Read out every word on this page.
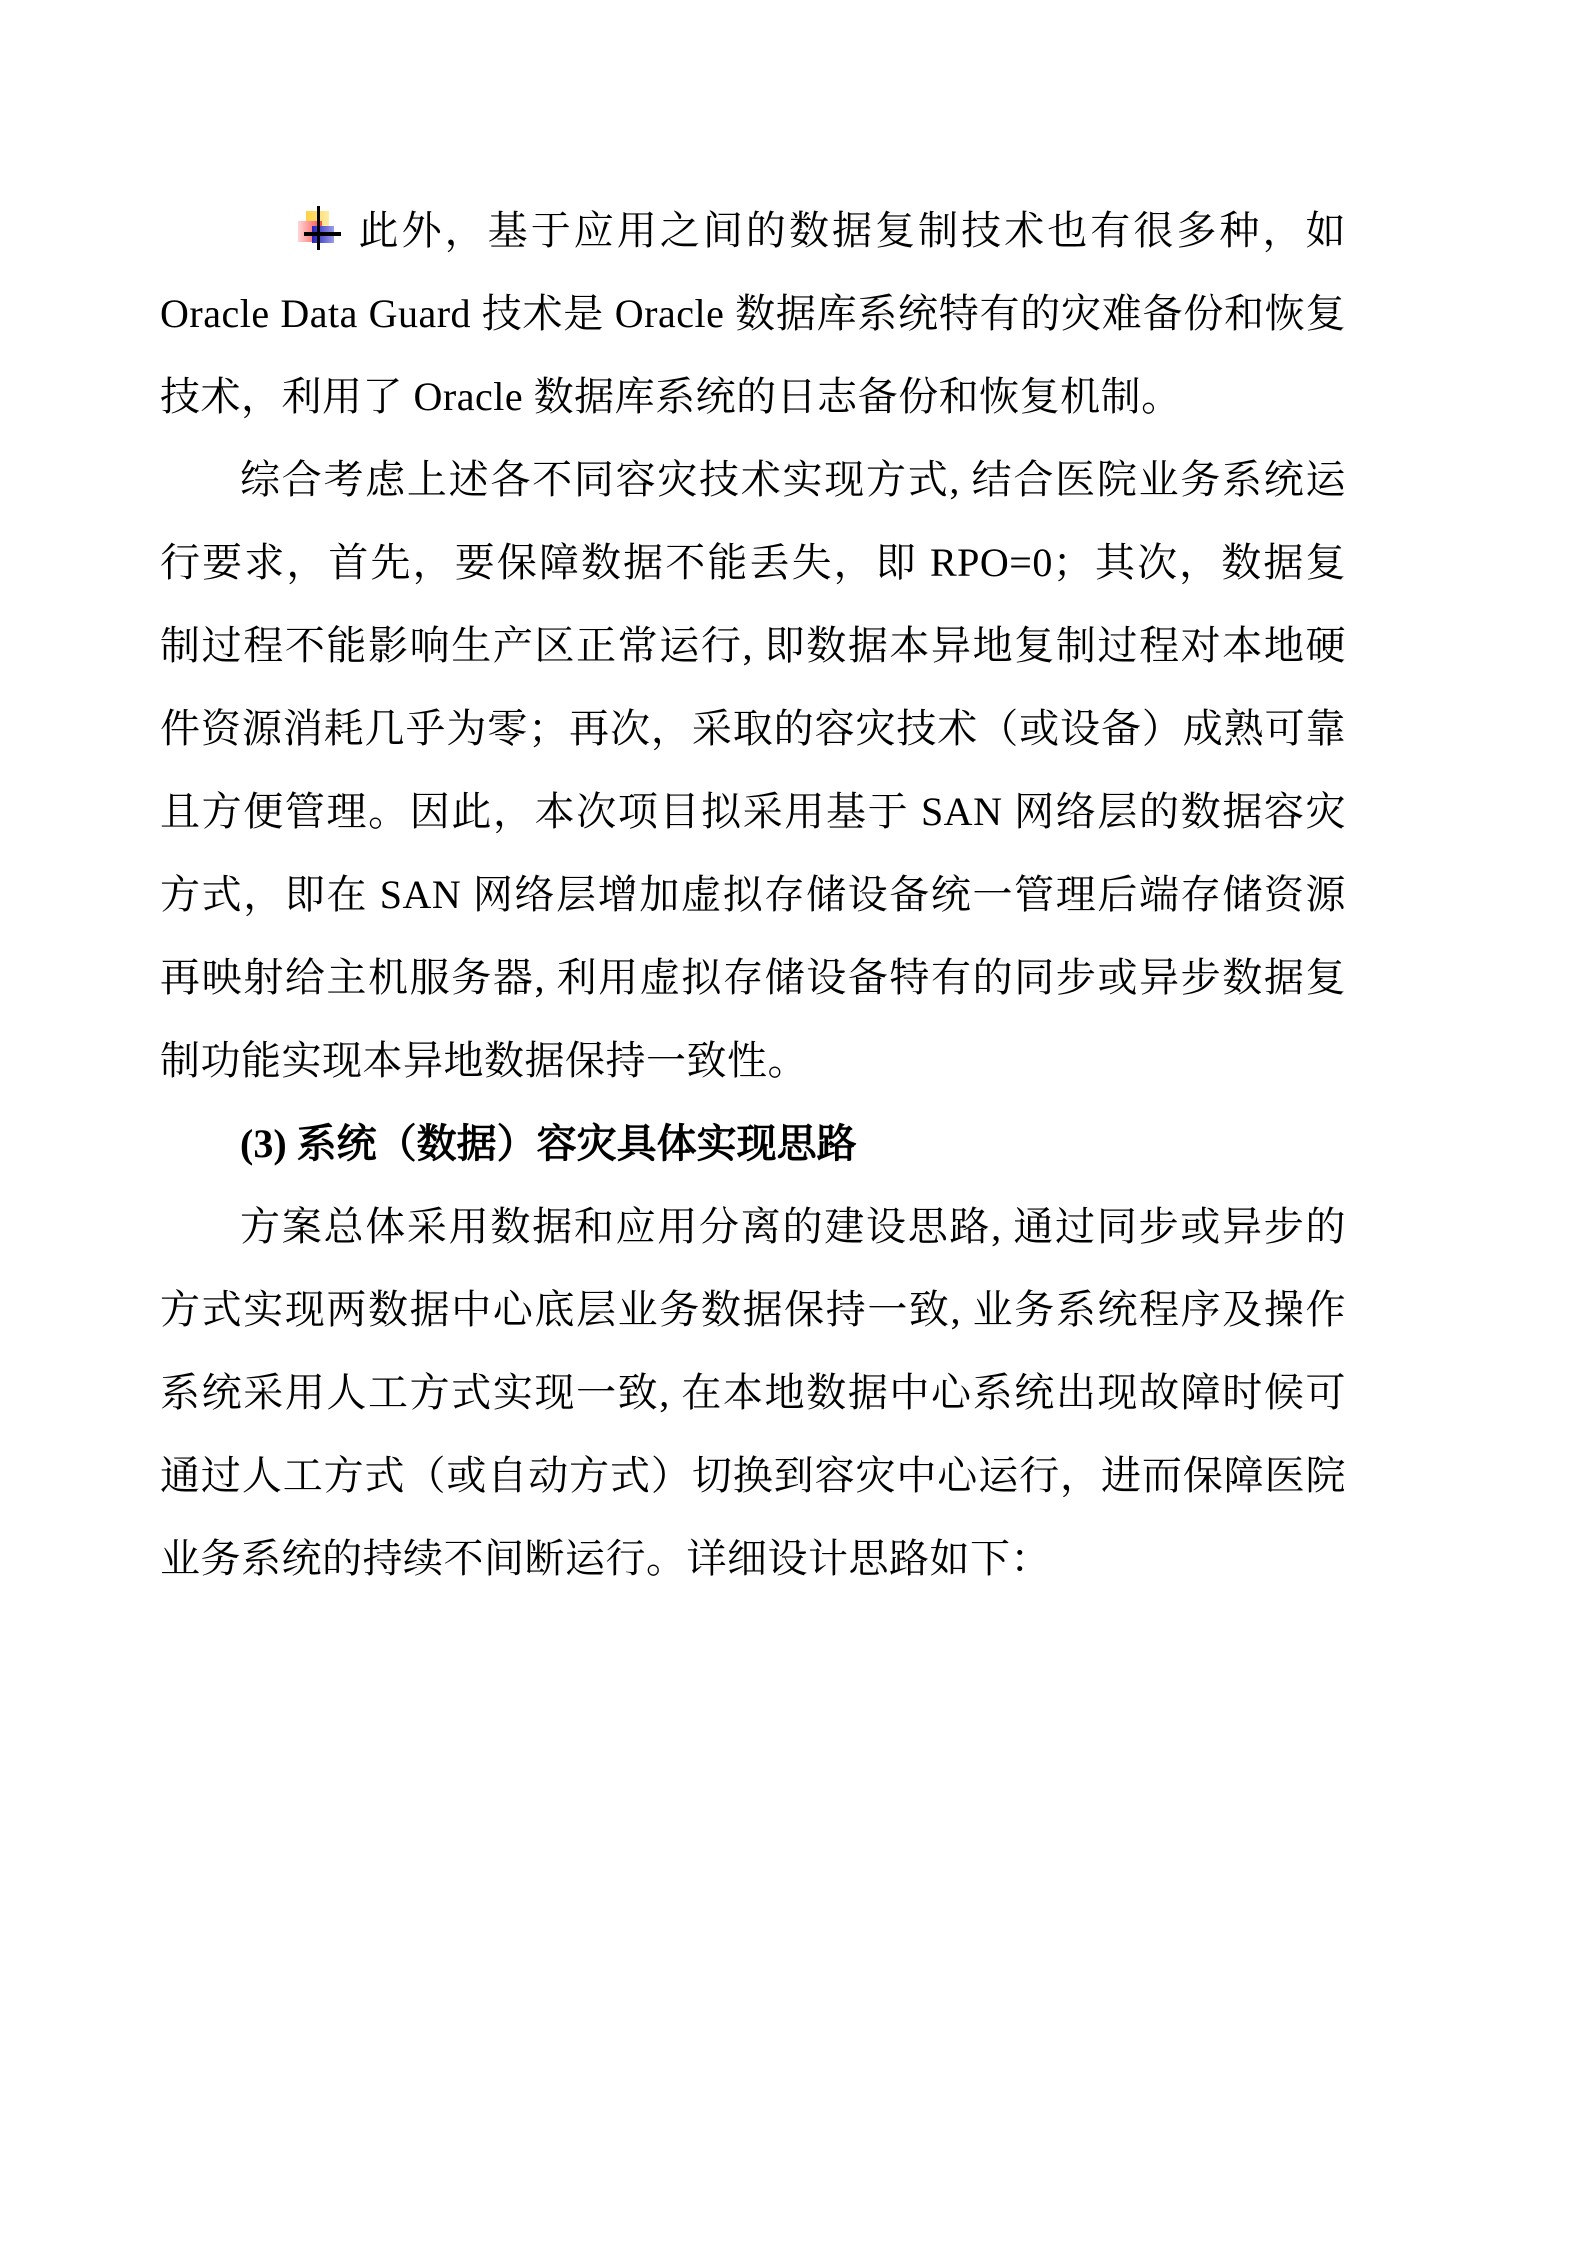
此外，基于应用之间的数据复制技术也有很多种，如 Oracle Data Guard 技术是 Oracle 数据库系统特有的灾难备份和恢复技术，利用了 Oracle 数据库系统的日志备份和恢复机制。

综合考虑上述各不同容灾技术实现方式, 结合医院业务系统运行要求，首先，要保障数据不能丢失，即 RPO=0；其次，数据复制过程不能影响生产区正常运行, 即数据本异地复制过程对本地硬件资源消耗几乎为零；再次，采取的容灾技术（或设备）成熟可靠且方便管理。因此，本次项目拟采用基于 SAN 网络层的数据容灾方式，即在 SAN 网络层增加虚拟存储设备统一管理后端存储资源再映射给主机服务器, 利用虚拟存储设备特有的同步或异步数据复制功能实现本异地数据保持一致性。

(3) 系统（数据）容灾具体实现思路

方案总体采用数据和应用分离的建设思路, 通过同步或异步的方式实现两数据中心底层业务数据保持一致, 业务系统程序及操作系统采用人工方式实现一致, 在本地数据中心系统出现故障时候可通过人工方式（或自动方式）切换到容灾中心运行，进而保障医院业务系统的持续不间断运行。详细设计思路如下：
